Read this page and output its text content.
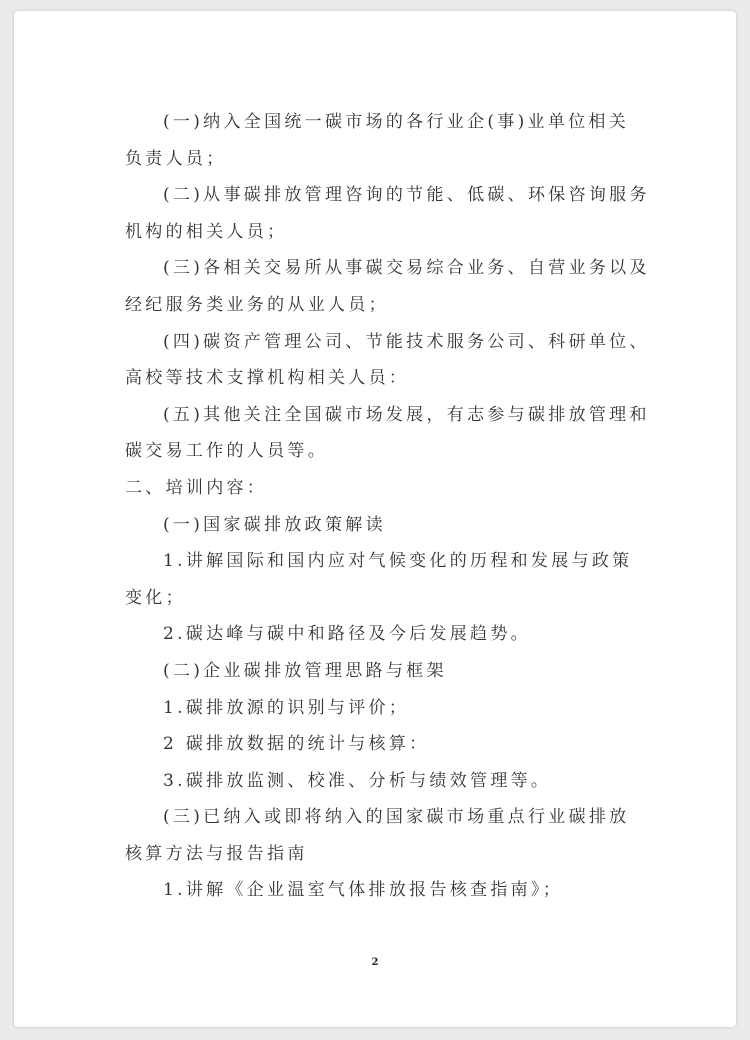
(一)纳入全国统一碳市场的各行业企(事)业单位相关
负责人员；
(二)从事碳排放管理咨询的节能、低碳、环保咨询服务
机构的相关人员；
(三)各相关交易所从事碳交易综合业务、自营业务以及
经纪服务类业务的从业人员；
(四)碳资产管理公司、节能技术服务公司、科研单位、
高校等技术支撑机构相关人员：
(五)其他关注全国碳市场发展，有志参与碳排放管理和
碳交易工作的人员等。
二、培训内容：
(一)国家碳排放政策解读
1.讲解国际和国内应对气候变化的历程和发展与政策
变化；
2.碳达峰与碳中和路径及今后发展趋势。
(二)企业碳排放管理思路与框架
1.碳排放源的识别与评价；
2 碳排放数据的统计与核算：
3.碳排放监测、校准、分析与绩效管理等。
(三)已纳入或即将纳入的国家碳市场重点行业碳排放
核算方法与报告指南
1.讲解《企业温室气体排放报告核查指南》；
2
